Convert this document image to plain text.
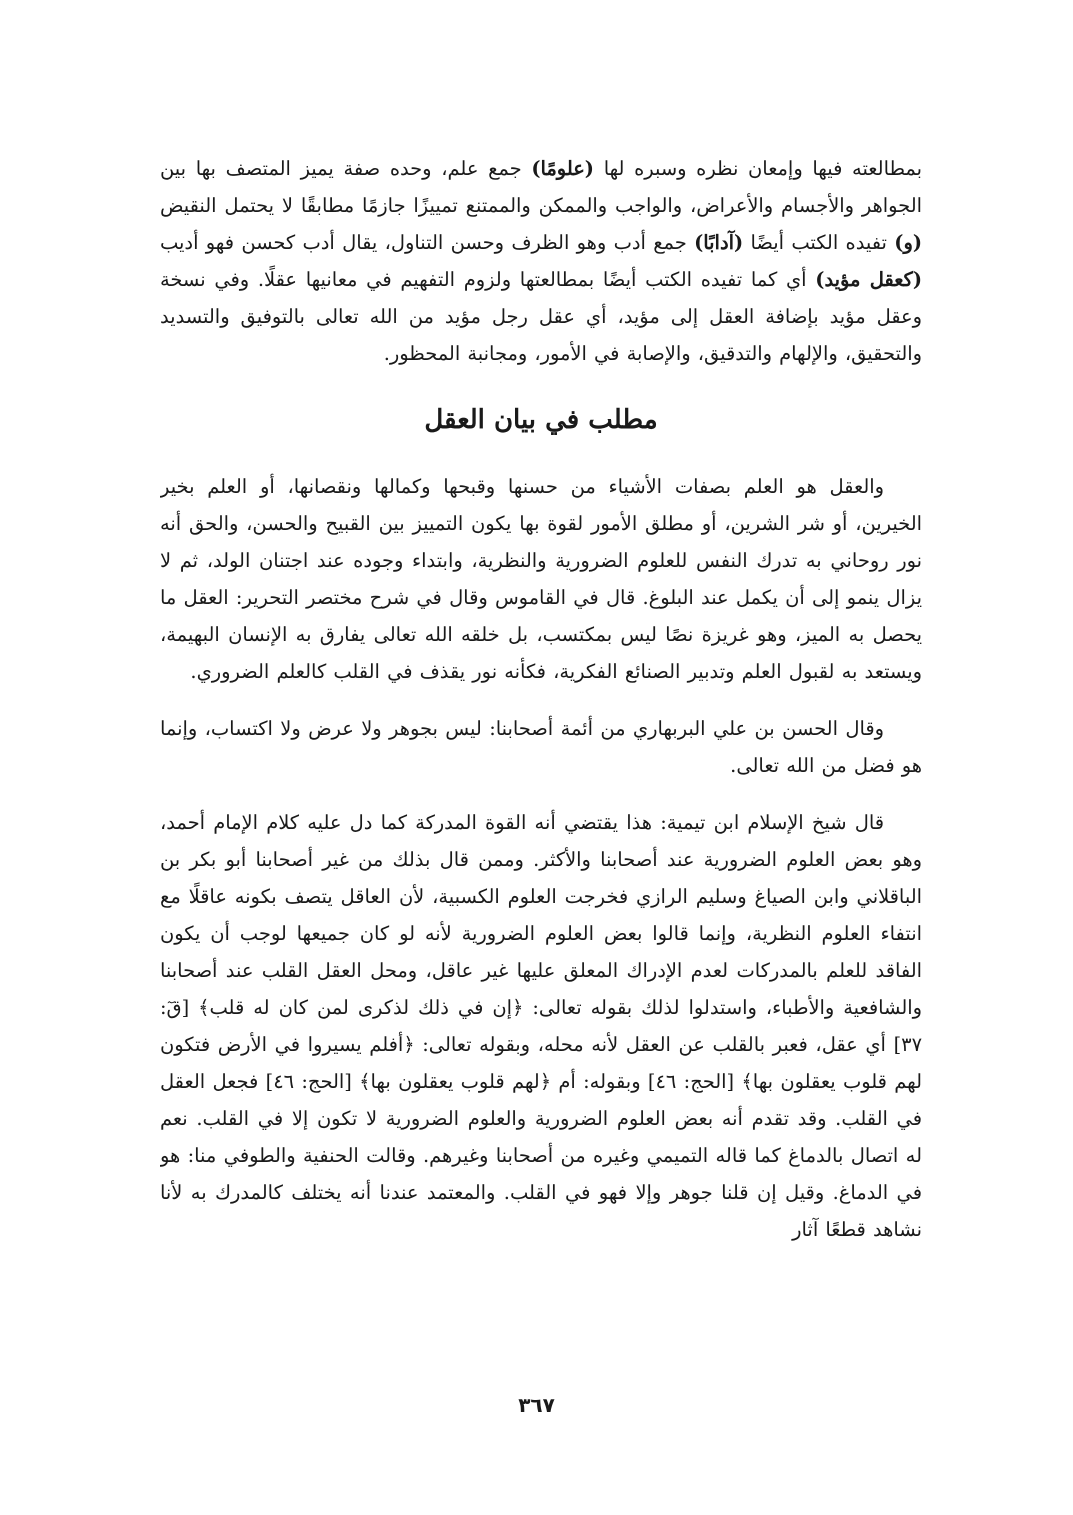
بمطالعته فيها وإمعان نظره وسبره لها (علومًا) جمع علم، وحده صفة يميز المتصف بها بين الجواهر والأجسام والأعراض، والواجب والممكن والممتنع تمييزًا جازمًا مطابقًا لا يحتمل النقيض (و) تفيده الكتب أيضًا (آدابًا) جمع أدب وهو الظرف وحسن التناول، يقال أدب كحسن فهو أديب (كعقل مؤيد) أي كما تفيده الكتب أيضًا بمطالعتها ولزوم التفهيم في معانيها عقلًا. وفي نسخة وعقل مؤيد بإضافة العقل إلى مؤيد، أي عقل رجل مؤيد من الله تعالى بالتوفيق والتسديد والتحقيق، والإلهام والتدقيق، والإصابة في الأمور، ومجانبة المحظور.

مطلب في بيان العقل

والعقل هو العلم بصفات الأشياء من حسنها وقبحها وكمالها ونقصانها، أو العلم بخير الخيرين، أو شر الشرين، أو مطلق الأمور لقوة بها يكون التمييز بين القبيح والحسن، والحق أنه نور روحاني به تدرك النفس للعلوم الضرورية والنظرية، وابتداء وجوده عند اجتنان الولد، ثم لا يزال ينمو إلى أن يكمل عند البلوغ. قال في القاموس وقال في شرح مختصر التحرير: العقل ما يحصل به الميز، وهو غريزة نصًا ليس بمكتسب، بل خلقه الله تعالى يفارق به الإنسان البهيمة، ويستعد به لقبول العلم وتدبير الصنائع الفكرية، فكأنه نور يقذف في القلب كالعلم الضروري.

وقال الحسن بن علي البربهاري من أئمة أصحابنا: ليس بجوهر ولا عرض ولا اكتساب، وإنما هو فضل من الله تعالى.

قال شيخ الإسلام ابن تيمية: هذا يقتضي أنه القوة المدركة كما دل عليه كلام الإمام أحمد، وهو بعض العلوم الضرورية عند أصحابنا والأكثر. وممن قال بذلك من غير أصحابنا أبو بكر بن الباقلاني وابن الصياغ وسليم الرازي فخرجت العلوم الكسبية، لأن العاقل يتصف بكونه عاقلًا مع انتفاء العلوم النظرية، وإنما قالوا بعض العلوم الضرورية لأنه لو كان جميعها لوجب أن يكون الفاقد للعلم بالمدركات لعدم الإدراك المعلق عليها غير عاقل، ومحل العقل القلب عند أصحابنا والشافعية والأطباء، واستدلوا لذلك بقوله تعالى: ﴿إن في ذلك لذكرى لمن كان له قلب﴾ [قٓ: ٣٧] أي عقل، فعبر بالقلب عن العقل لأنه محله، وبقوله تعالى: ﴿أفلم يسيروا في الأرض فتكون لهم قلوب يعقلون بها﴾ [الحج: ٤٦] وبقوله: أم ﴿لهم قلوب يعقلون بها﴾ [الحج: ٤٦] فجعل العقل في القلب. وقد تقدم أنه بعض العلوم الضرورية والعلوم الضرورية لا تكون إلا في القلب. نعم له اتصال بالدماغ كما قاله التميمي وغيره من أصحابنا وغيرهم. وقالت الحنفية والطوفي منا: هو في الدماغ. وقيل إن قلنا جوهر وإلا فهو في القلب. والمعتمد عندنا أنه يختلف كالمدرك به لأنا نشاهد قطعًا آثار

٣٦٧
